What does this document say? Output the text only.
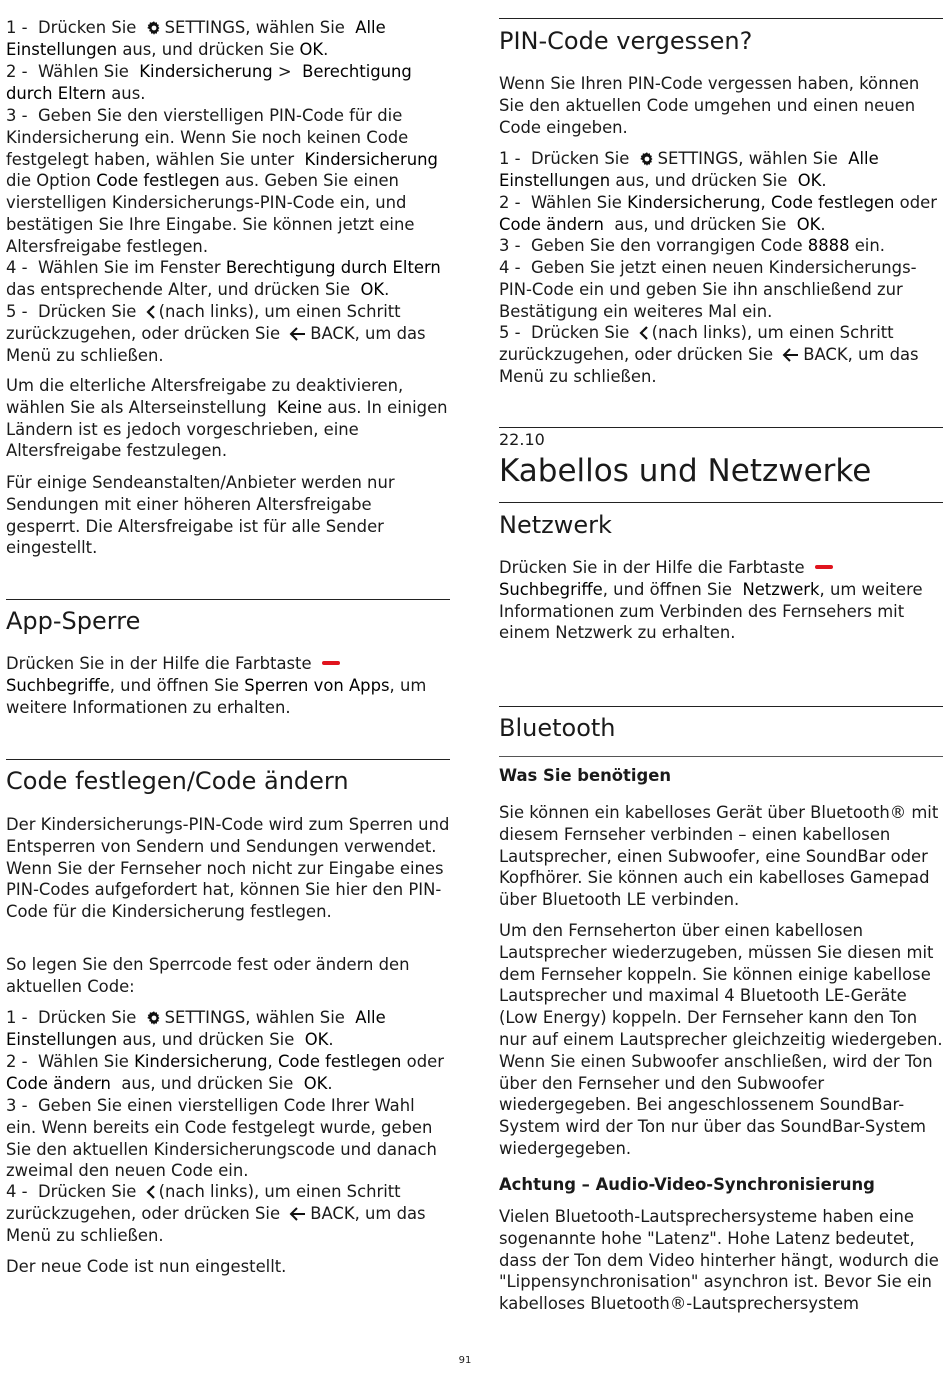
1 - Drücken Sie SETTINGS, wählen Sie Alle Einstellungen aus, und drücken Sie OK.

2 - Wählen Sie Kindersicherung > Berechtigung durch Eltern aus.

3 - Geben Sie den vierstelligen PIN-Code für die Kindersicherung ein. Wenn Sie noch keinen Code festgelegt haben, wählen Sie unter Kindersicherung die Option Code festlegen aus. Geben Sie einen vierstelligen Kindersicherungs-PIN-Code ein, und bestätigen Sie Ihre Eingabe. Sie können jetzt eine Altersfreigabe festlegen.

4 - Wählen Sie im Fenster Berechtigung durch Eltern das entsprechende Alter, und drücken Sie OK.

5 - Drücken Sie (nach links), um einen Schritt zurückzugehen, oder drücken Sie BACK, um das Menü zu schließen.

Um die elterliche Altersfreigabe zu deaktivieren, wählen Sie als Alterseinstellung Keine aus. In einigen Ländern ist es jedoch vorgeschrieben, eine Altersfreigabe festzulegen.

Für einige Sendeanstalten/Anbieter werden nur Sendungen mit einer höheren Altersfreigabe gesperrt. Die Altersfreigabe ist für alle Sender eingestellt.

App-Sperre

Drücken Sie in der Hilfe die Farbtaste
Suchbegriffe, und öffnen Sie Sperren von Apps, um weitere Informationen zu erhalten.

Code festlegen/Code ändern

Der Kindersicherungs-PIN-Code wird zum Sperren und Entsperren von Sendern und Sendungen verwendet. Wenn Sie der Fernseher noch nicht zur Eingabe eines PIN-Codes aufgefordert hat, können Sie hier den PIN-Code für die Kindersicherung festlegen.

So legen Sie den Sperrcode fest oder ändern den aktuellen Code:

1 - Drücken Sie SETTINGS, wählen Sie Alle Einstellungen aus, und drücken Sie OK.

2 - Wählen Sie Kindersicherung, Code festlegen oder Code ändern aus, und drücken Sie OK.

3 - Geben Sie einen vierstelligen Code Ihrer Wahl ein. Wenn bereits ein Code festgelegt wurde, geben Sie den aktuellen Kindersicherungscode und danach zweimal den neuen Code ein.

4 - Drücken Sie (nach links), um einen Schritt zurückzugehen, oder drücken Sie BACK, um das Menü zu schließen.

Der neue Code ist nun eingestellt.

PIN-Code vergessen?

Wenn Sie Ihren PIN-Code vergessen haben, können Sie den aktuellen Code umgehen und einen neuen Code eingeben.

1 - Drücken Sie SETTINGS, wählen Sie Alle Einstellungen aus, und drücken Sie OK.

2 - Wählen Sie Kindersicherung, Code festlegen oder Code ändern aus, und drücken Sie OK.

3 - Geben Sie den vorrangigen Code 8888 ein.

4 - Geben Sie jetzt einen neuen Kindersicherungs-PIN-Code ein und geben Sie ihn anschließend zur Bestätigung ein weiteres Mal ein.

5 - Drücken Sie (nach links), um einen Schritt zurückzugehen, oder drücken Sie BACK, um das Menü zu schließen.

22.10
Kabellos und Netzwerke
Netzwerk

Drücken Sie in der Hilfe die Farbtaste Suchbegriffe, und öffnen Sie Netzwerk, um weitere Informationen zum Verbinden des Fernsehers mit einem Netzwerk zu erhalten.

Bluetooth
Was Sie benötigen

Sie können ein kabelloses Gerät über Bluetooth® mit diesem Fernseher verbinden – einen kabellosen Lautsprecher, einen Subwoofer, eine SoundBar oder Kopfhörer. Sie können auch ein kabelloses Gamepad über Bluetooth LE verbinden.

Um den Fernseherton über einen kabellosen Lautsprecher wiederzugeben, müssen Sie diesen mit dem Fernseher koppeln. Sie können einige kabellose Lautsprecher und maximal 4 Bluetooth LE-Geräte (Low Energy) koppeln. Der Fernseher kann den Ton nur auf einem Lautsprecher gleichzeitig wiedergeben. Wenn Sie einen Subwoofer anschließen, wird der Ton über den Fernseher und den Subwoofer wiedergegeben. Bei angeschlossenem SoundBar-System wird der Ton nur über das SoundBar-System wiedergegeben.

Achtung – Audio-Video-Synchronisierung

Vielen Bluetooth-Lautsprechersysteme haben eine sogenannte hohe "Latenz". Hohe Latenz bedeutet, dass der Ton dem Video hinterher hängt, wodurch die "Lippensynchronisation" asynchron ist. Bevor Sie ein kabelloses Bluetooth®-Lautsprechersystem

91
